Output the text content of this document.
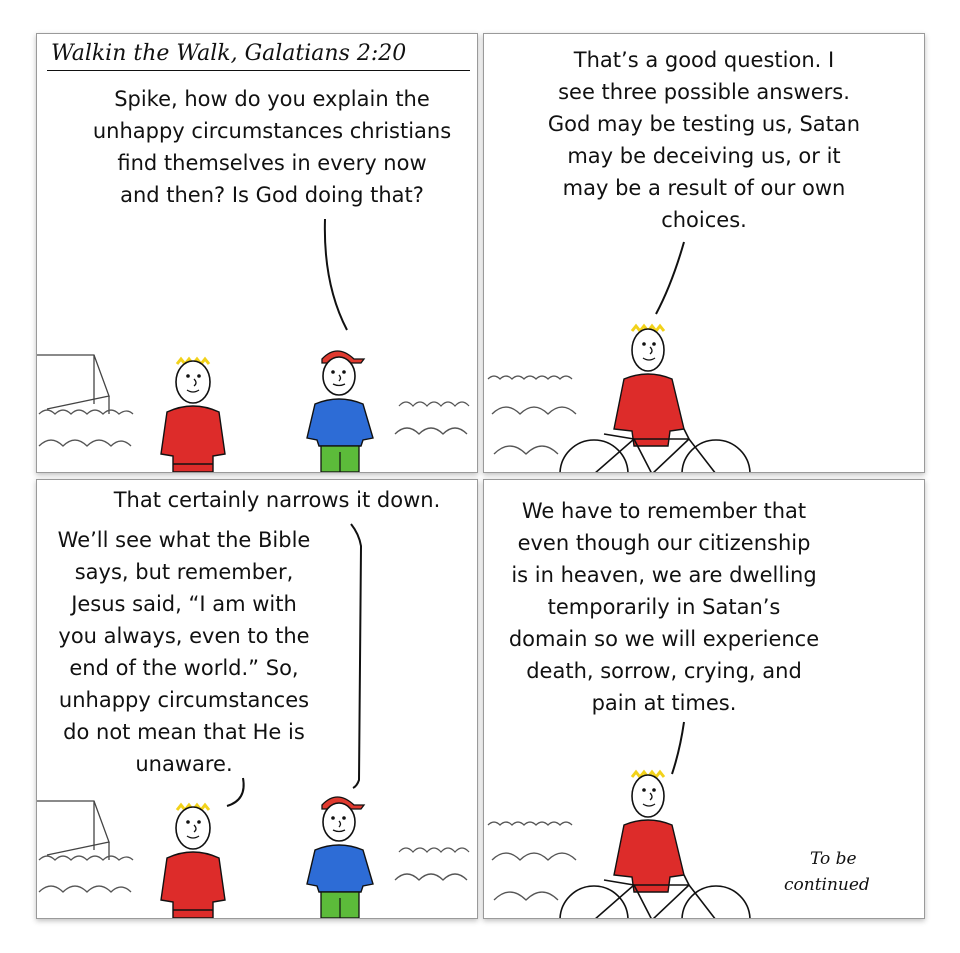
Walkin the Walk, Galatians 2:20

Spike, how do you explain the
unhappy circumstances christians
find themselves in every now
and then? Is God doing that?
That’s a good question. I
see three possible answers.
God may be testing us, Satan
may be deceiving us, or it
may be a result of our own
choices.
That certainly narrows it down.
We’ll see what the Bible
says, but remember,
Jesus said, “I am with
you always, even to the
end of the world.” So,
unhappy circumstances
do not mean that He is
unaware.
We have to remember that
even though our citizenship
is in heaven, we are dwelling
temporarily in Satan’s
domain so we will experience
death, sorrow, crying, and
pain at times.
To be
continued
